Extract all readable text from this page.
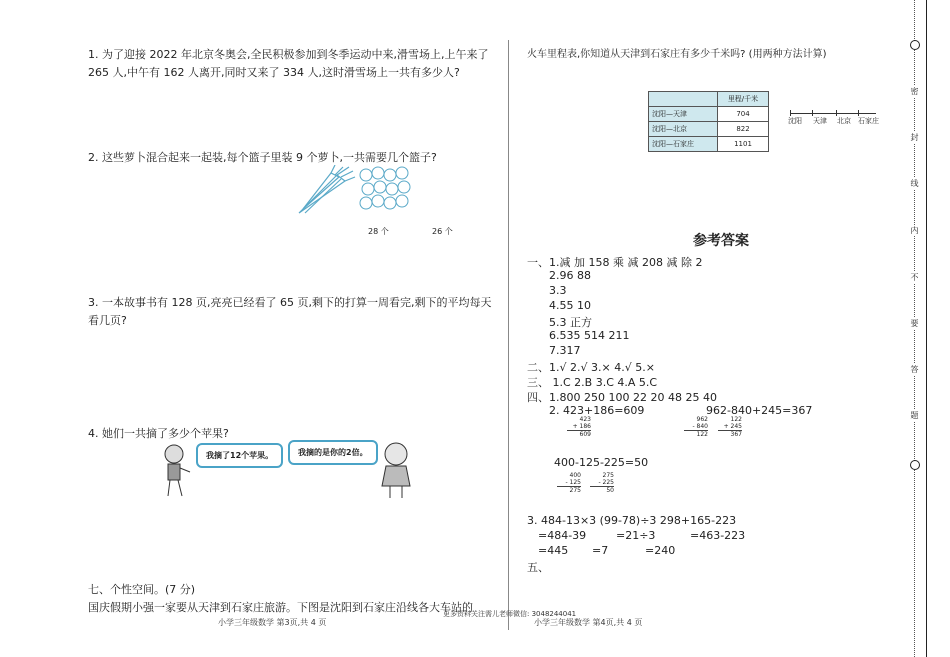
1. 为了迎接 2022 年北京冬奥会,全民积极参加到冬季运动中来,滑雪场上,上午来了
265 人,中午有 162 人离开,同时又来了 334 人,这时滑雪场上一共有多少人?
2. 这些萝卜混合起来一起装,每个篮子里装 9 个萝卜,一共需要几个篮子?
28 个	26 个
3. 一本故事书有 128 页,亮亮已经看了 65 页,剩下的打算一周看完,剩下的平均每天
看几页?
4. 她们一共摘了多少个苹果?
我摘了12个苹果。	我摘的是你的2倍。
七、个性空间。(7 分)
国庆假期小强一家要从天津到石家庄旅游。下图是沈阳到石家庄沿线各大车站的
小学三年级数学 第3页,共 4 页
火车里程表,你知道从天津到石家庄有多少千米吗? (用两种方法计算)
	里程/千米
沈阳—天津	704
沈阳—北京	822
沈阳—石家庄	1101
沈阳 天津 北京 石家庄
参考答案
一、1.减 加 158 乘 减 208 减 除 2
2.96 88
3.3
4.55 10
5.3 正方
6.535 514 211
7.317
二、1.√ 2.√ 3.× 4.√ 5.×
三、 1.C 2.B 3.C 4.A 5.C
四、1.800 250 100 22 20 48 25 40
2. 423+186=609	962-840+245=367
423
+ 186
609
962
- 840
122
122
+ 245
367
400-125-225=50
400
- 125
275
275
- 225
50
3. 484-13×3 (99-78)÷3 298+165-223
=484-39	=21÷3	=463-223
=445 =7	=240
五、
更多资料关注需儿老师微信: 3048244041
小学三年级数学 第4页,共 4 页
密
封
线
内
不
要
答
题
